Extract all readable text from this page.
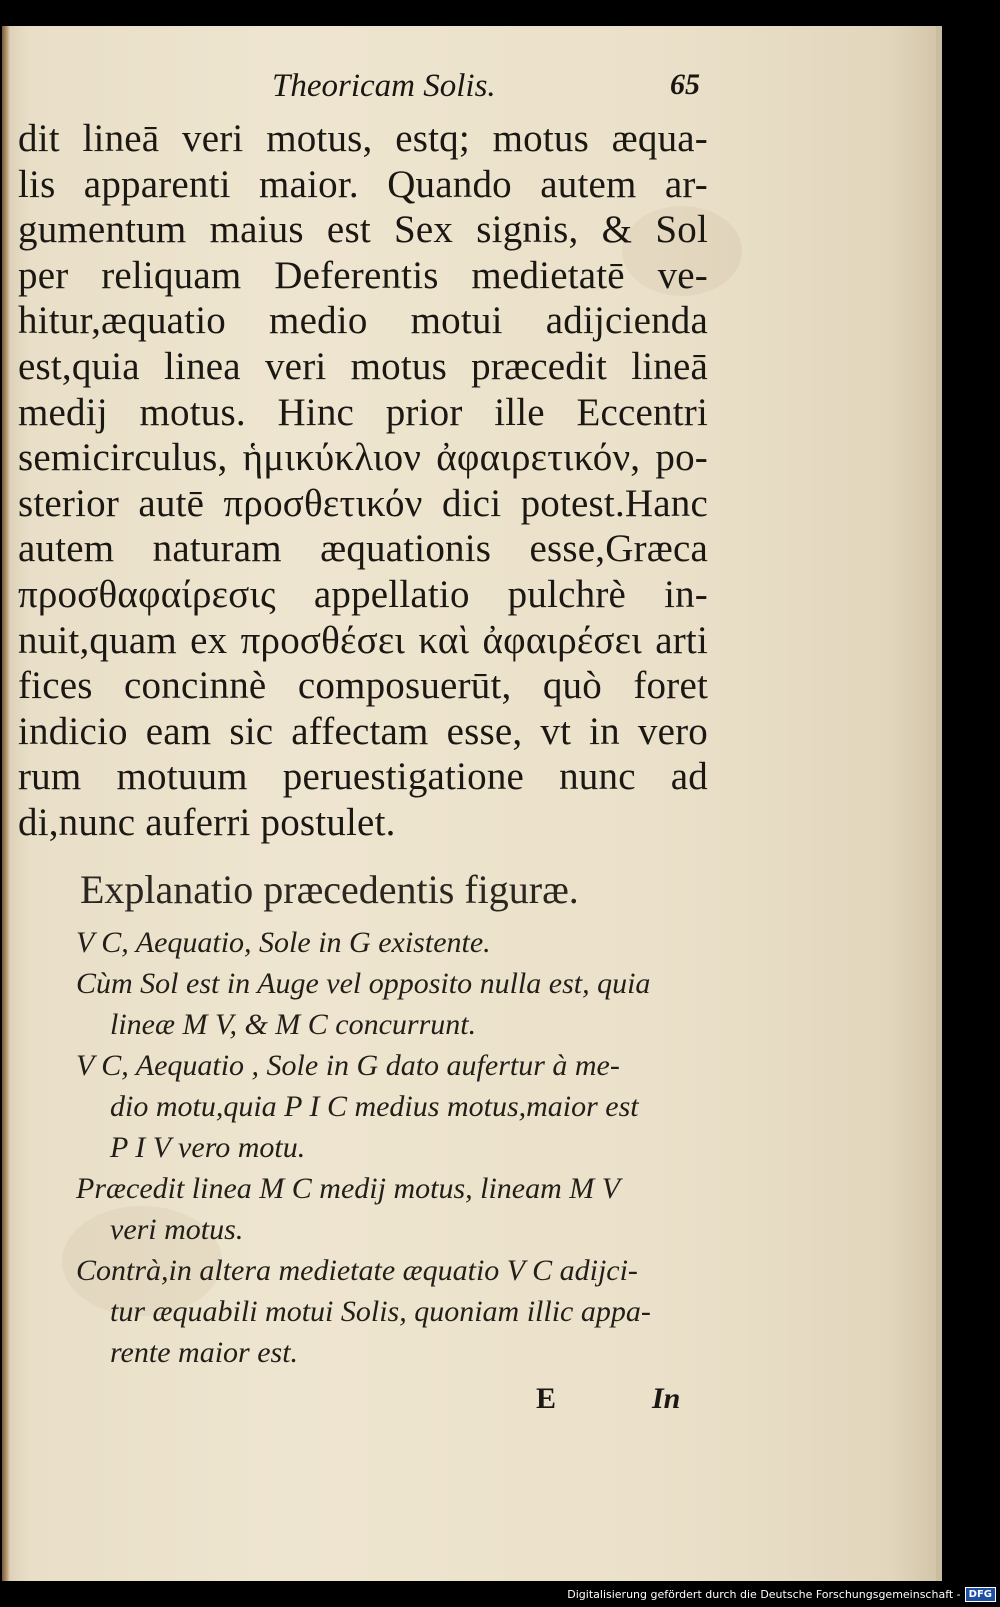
Theoricam Solis.	65
dit lineā veri motus, estq; motus æqua-
lis apparenti maior. Quando autem ar-
gumentum maius est Sex signis, & Sol
per reliquam Deferentis medietatē ve-
hitur,æquatio medio motui adijcienda
est,quia linea veri motus præcedit lineā
medij motus. Hinc prior ille Eccentri
semicirculus, ἡμικύκλιον ἀφαιρετικόν, po-
sterior autē προσθετικόν dici potest.Hanc
autem naturam æquationis esse,Græca
προσθαφαίρεσις appellatio pulchrè in-
nuit,quam ex προσθέσει καὶ ἀφαιρέσει arti
fices concinnè composuerūt, quò foret
indicio eam sic affectam esse, vt in vero
rum motuum peruestigatione nunc ad
di,nunc auferri postulet.
Explanatio præcedentis figuræ.
V C, Aequatio, Sole in G existente.
Cùm Sol est in Auge vel opposito nulla est, quia
lineæ M V, & M C concurrunt.
V C, Aequatio , Sole in G dato aufertur à me-
dio motu,quia P I C medius motus,maior est
P I V vero motu.
Præcedit linea M C medij motus, lineam M V
veri motus.
Contrà,in altera medietate æquatio V C adijci-
tur æquabili motui Solis, quoniam illic appa-
rente maior est.
E	In
Digitalisierung gefördert durch die Deutsche Forschungsgemeinschaft - DFG
